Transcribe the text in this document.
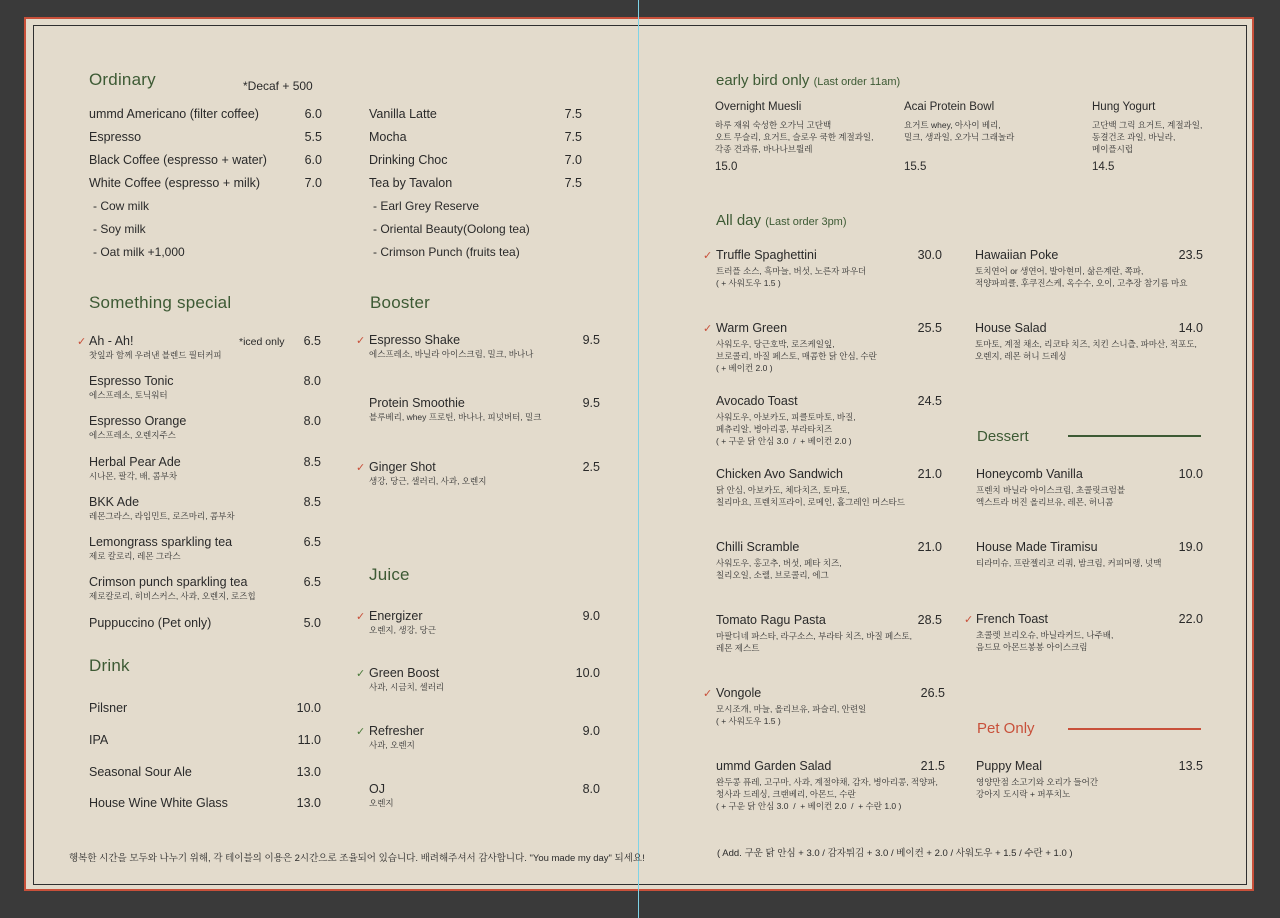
Ordinary	*Decaf + 500
ummd Americano (filter coffee)	6.0
Espresso	5.5
Black Coffee (espresso + water)	6.0
White Coffee (espresso + milk)	7.0
- Cow milk
- Soy milk
- Oat milk +1,000
Vanilla Latte	7.5
Mocha	7.5
Drinking Choc	7.0
Tea by Tavalon	7.5
- Earl Grey Reserve
- Oriental Beauty(Oolong tea)
- Crimson Punch (fruits tea)
Something special	Booster
Juice
Drink
행복한 시간을 모두와 나누기 위해, 각 테이블의 이용은 2시간으로 조율되어 있습니다. 배려해주셔서 감사합니다. "You made my day" 되세요!
early bird only (Last order 11am)
All day (Last order 3pm)
Dessert
Pet Only
( Add. 구운 닭 안심 + 3.0 / 감자튀김 + 3.0 / 베이컨 + 2.0 / 사워도우 + 1.5 / 수란 + 1.0 )
✓	*iced only
Ah - Ah!	6.5
찻잎과 함께 우려낸 블렌드 필터커피
Espresso Tonic	8.0
에스프레소, 토닉워터
Espresso Orange	8.0
에스프레소, 오렌지주스
Herbal Pear Ade	8.5
시나몬, 팔각, 배, 콤부차
BKK Ade	8.5
레몬그라스, 라임민트, 로즈마리, 콤부차
Lemongrass sparkling tea	6.5
제로 칼로리, 레몬 그라스
Crimson punch sparkling tea	6.5
제로칼로리, 히비스커스, 사과, 오렌지, 로즈힙
Puppuccino (Pet only)	5.0
✓ Espresso Shake	9.5
에스프레소, 바닐라 아이스크림, 밀크, 바나나
Protein Smoothie	9.5
블루베리, whey 프로틴, 바나나, 피넛버터, 밀크
✓ Ginger Shot	2.5
생강, 당근, 샐러리, 사과, 오렌지
✓ Energizer	9.0
오렌지, 생강, 당근
✓ Green Boost	10.0
사과, 시금치, 셀러리
✓ Refresher	9.0
사과, 오렌지
OJ	8.0
오렌지
Pilsner	10.0
IPA	11.0
Seasonal Sour Ale	13.0
House Wine White Glass	13.0
Overnight Muesli
하루 재워 숙성한 오가닉 고단백
오트 무슬리, 요거트, 슬로우 쿡한 계절과일,
각종 견과류, 바나나브륄레
15.0
Acai Protein Bowl
요거트 whey, 아사이 베리,
밀크, 생과일, 오가닉 그래놀라
15.5
Hung Yogurt
고단백 그릭 요거트, 계절과일,
동결건조 과일, 바닐라,
메이플시럽
14.5
✓ Truffle Spaghettini	30.0
트러플 소스, 흑마늘, 버섯, 노른자 파우더
( + 사워도우 1.5 )
✓ Warm Green	25.5
사워도우, 당근호박, 로즈케일잎,
브로콜리, 바질 페스토, 매콤한 닭 안심, 수란
( + 베이컨 2.0 )
Avocado Toast	24.5
사워도우, 아보카도, 피클토마토, 바질,
페츄리알, 병아리콩, 부라타치즈
( + 구운 닭 안심 3.0  /  + 베이컨 2.0 )
Chicken Avo Sandwich	21.0
닭 안심, 아보카도, 체다치즈, 토마토,
칠리마요, 프렌치프라이, 로메인, 홀그레인 머스타드
Chilli Scramble	21.0
사워도우, 홍고추, 버섯, 페타 치즈,
칠리오일, 소렐, 브로콜리, 에그
Tomato Ragu Pasta	28.5
마팔디네 파스타, 라구소스, 부라타 치즈, 바질 페스토,
레몬 제스트
✓ Vongole	26.5
모시조개, 마늘, 올리브유, 파슬리, 안련일
( + 사워도우 1.5 )
ummd Garden Salad	21.5
완두콩 퓨레, 고구마, 사과, 계절야채, 감자, 병아리콩, 적양파,
청사과 드레싱, 크랜베리, 아몬드, 수란
( + 구운 닭 안심 3.0  /  + 베이컨 2.0  /  + 수란 1.0 )
Hawaiian Poke	23.5
토치연어 or 생연어, 발아현미, 삶은계란, 쪽파,
적양파피클, 후쿠진스케, 옥수수, 오이, 고추장 참기름 마요
House Salad	14.0
토마토, 계절 채소, 리코타 치즈, 치킨 스니츨, 파마산, 적포도,
오렌지, 레몬 허니 드레싱
Honeycomb Vanilla	10.0
프렌치 바닐라 아이스크림, 초콜릿크럼블
엑스트라 버진 올리브유, 레몬, 허니콤
House Made Tiramisu	19.0
티라미슈, 프란젤리코 리쿼, 밤크림, 커피머랭, 넛맥
✓ French Toast	22.0
초콜렛 브리오슈, 바닐라커드, 나주배,
음드묘 아몬드봉봉 아이스크림
Puppy Meal	13.5
영양만점 소고기와 오리가 들어간
강아지 도시락 + 퍼푸치노
